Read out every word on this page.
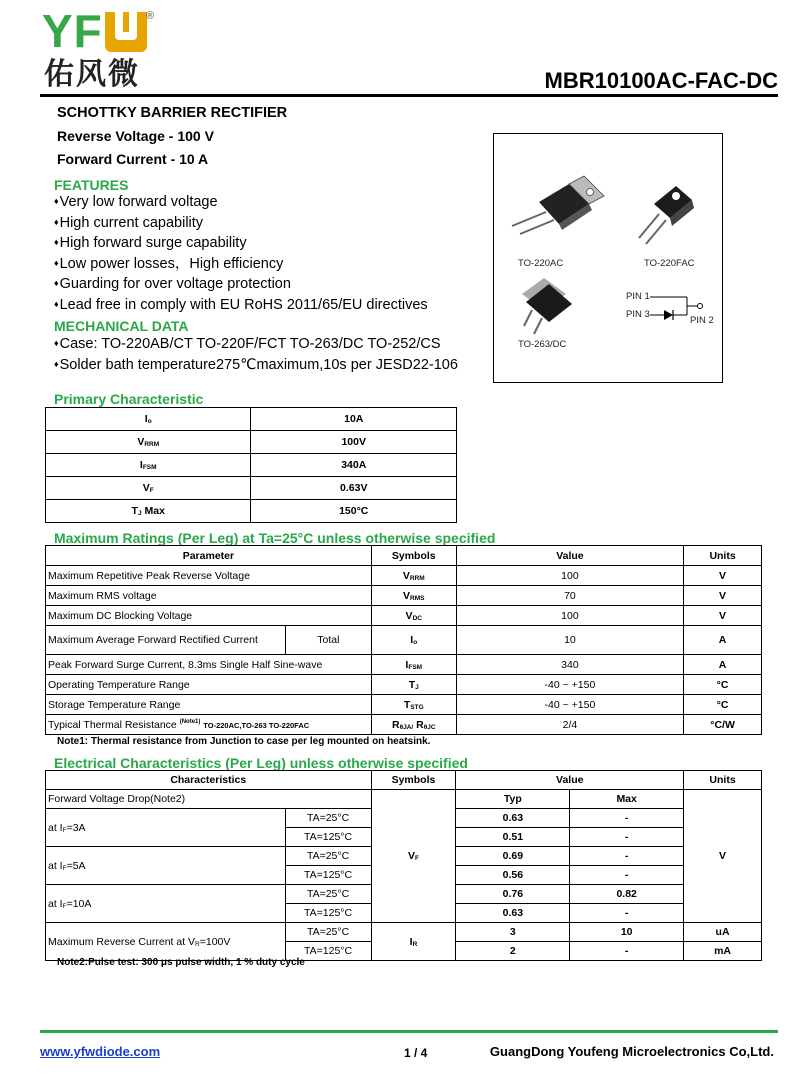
YF
佑风微
®
MBR10100AC-FAC-DC
SCHOTTKY BARRIER RECTIFIER
Reverse Voltage - 100 V
Forward Current - 10 A
FEATURES
♦ Very low forward voltage
♦ High current capability
♦ High forward surge capability
♦ Low power losses，High efficiency
♦ Guarding for over voltage protection
♦ Lead free in comply with EU RoHS 2011/65/EU directives
MECHANICAL DATA
♦ Case: TO-220AB/CT TO-220F/FCT TO-263/DC TO-252/CS
♦ Solder bath temperature275℃maximum,10s per JESD22-106
TO-220AC	TO-220FAC
TO-263/DC
PIN 1
PIN 3
PIN 2
Primary Characteristic
Io	10A
VRRM	100V
IFSM	340A
VF	0.63V
TJ Max	150°C
Maximum Ratings (Per Leg) at Ta=25°C unless otherwise specified
Parameter		Symbols	Value	Units
Maximum Repetitive Peak Reverse Voltage		VRRM	100	V
Maximum RMS voltage		VRMS	70	V
Maximum DC Blocking Voltage		VDC	100	V
Maximum Average Forward Rectified Current	Total	Io	10	A
Peak Forward Surge Current, 8.3ms Single Half Sine-wave		IFSM	340	A
Operating Temperature Range		TJ	-40 ~ +150	°C
Storage Temperature Range		TSTG	-40 ~ +150	°C
Typical Thermal Resistance $^{(Note1)}$ TO-220AC,TO-263 TO-220FAC		RθJA/ RθJC	2/4	°C/W
Note1: Thermal resistance from Junction to case per leg mounted on heatsink.
Electrical Characteristics (Per Leg) unless otherwise specified
Characteristics		Symbols	Value		Units
Forward Voltage Drop(Note2)		VF	Typ	Max	V
at IF=3A	TA=25°C		0.63	-	
	TA=125°C		0.51	-	
at IF=5A	TA=25°C		0.69	-	
	TA=125°C		0.56	-	
at IF=10A	TA=25°C		0.76	0.82	
	TA=125°C		0.63	-	
Maximum Reverse Current at VR=100V	TA=25°C	IR	3	10	uA
	TA=125°C		2	-	mA
Note2:Pulse test: 300 μs pulse width, 1 % duty cycle
www.yfwdiode.com	1 / 4	GuangDong Youfeng Microelectronics Co,Ltd.
